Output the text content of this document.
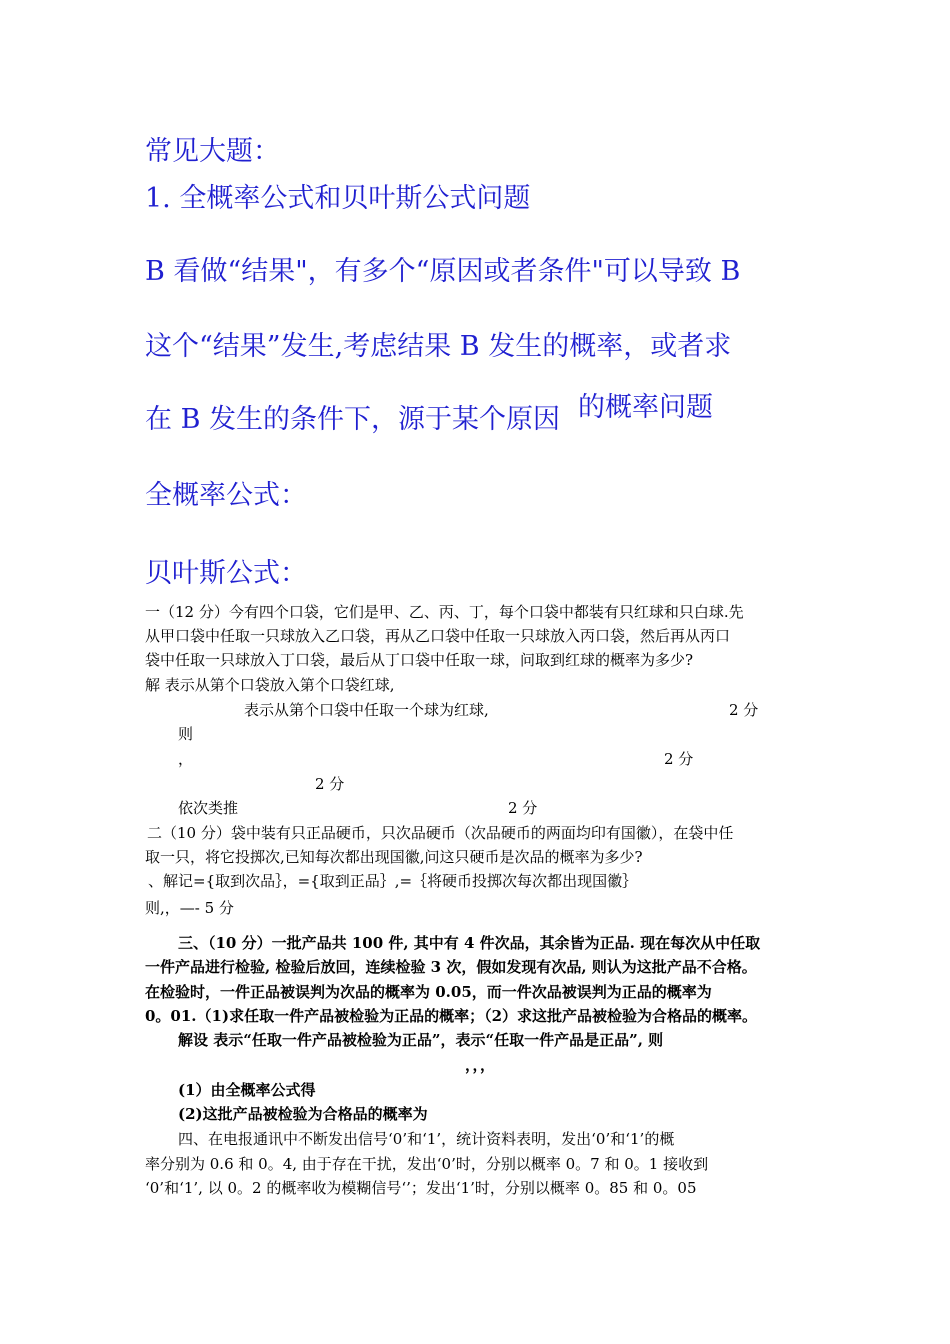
常见大题：
1. 全概率公式和贝叶斯公式问题
B 看做“结果"，有多个“原因或者条件"可以导致 B
这个“结果”发生,考虑结果 B 发生的概率，或者求
在 B 发生的条件下，源于某个原因 的概率问题
全概率公式：
贝叶斯公式：
一（12 分）今有四个口袋，它们是甲、乙、丙、丁，每个口袋中都装有只红球和只白球.先
从甲口袋中任取一只球放入乙口袋，再从乙口袋中任取一只球放入丙口袋，然后再从丙口
袋中任取一只球放入丁口袋，最后从丁口袋中任取一球，问取到红球的概率为多少?
解 表示从第个口袋放入第个口袋红球,
表示从第个口袋中任取一个球为红球,	2 分
则
，	2 分
2 分
依次类推	2 分
二（10 分）袋中装有只正品硬币，只次品硬币（次品硬币的两面均印有国徽），在袋中任
取一只，将它投掷次,已知每次都出现国徽,问这只硬币是次品的概率为多少?
、解记={取到次品｝，={取到正品｝,=｛将硬币投掷次每次都出现国徽｝
则,，—- 5 分
三、（10 分）一批产品共 100 件, 其中有 4 件次品，其余皆为正品. 现在每次从中任取
一件产品进行检验, 检验后放回，连续检验 3 次，假如发现有次品, 则认为这批产品不合格。
在检验时，一件正品被误判为次品的概率为 0.05，而一件次品被误判为正品的概率为
0。01.（1)求任取一件产品被检验为正品的概率；（2）求这批产品被检验为合格品的概率。
解设 表示“任取一件产品被检验为正品”，表示“任取一件产品是正品”, 则
，，，
(1）由全概率公式得
(2)这批产品被检验为合格品的概率为
四、在电报通讯中不断发出信号‘0’和‘1’，统计资料表明，发出‘0’和‘1’的概
率分别为 0.6 和 0。4, 由于存在干扰，发出‘0’时，分别以概率 0。7 和 0。1 接收到
‘0’和‘1’, 以 0。2 的概率收为模糊信号‘’；发出‘1’时，分别以概率 0。85 和 0。05
